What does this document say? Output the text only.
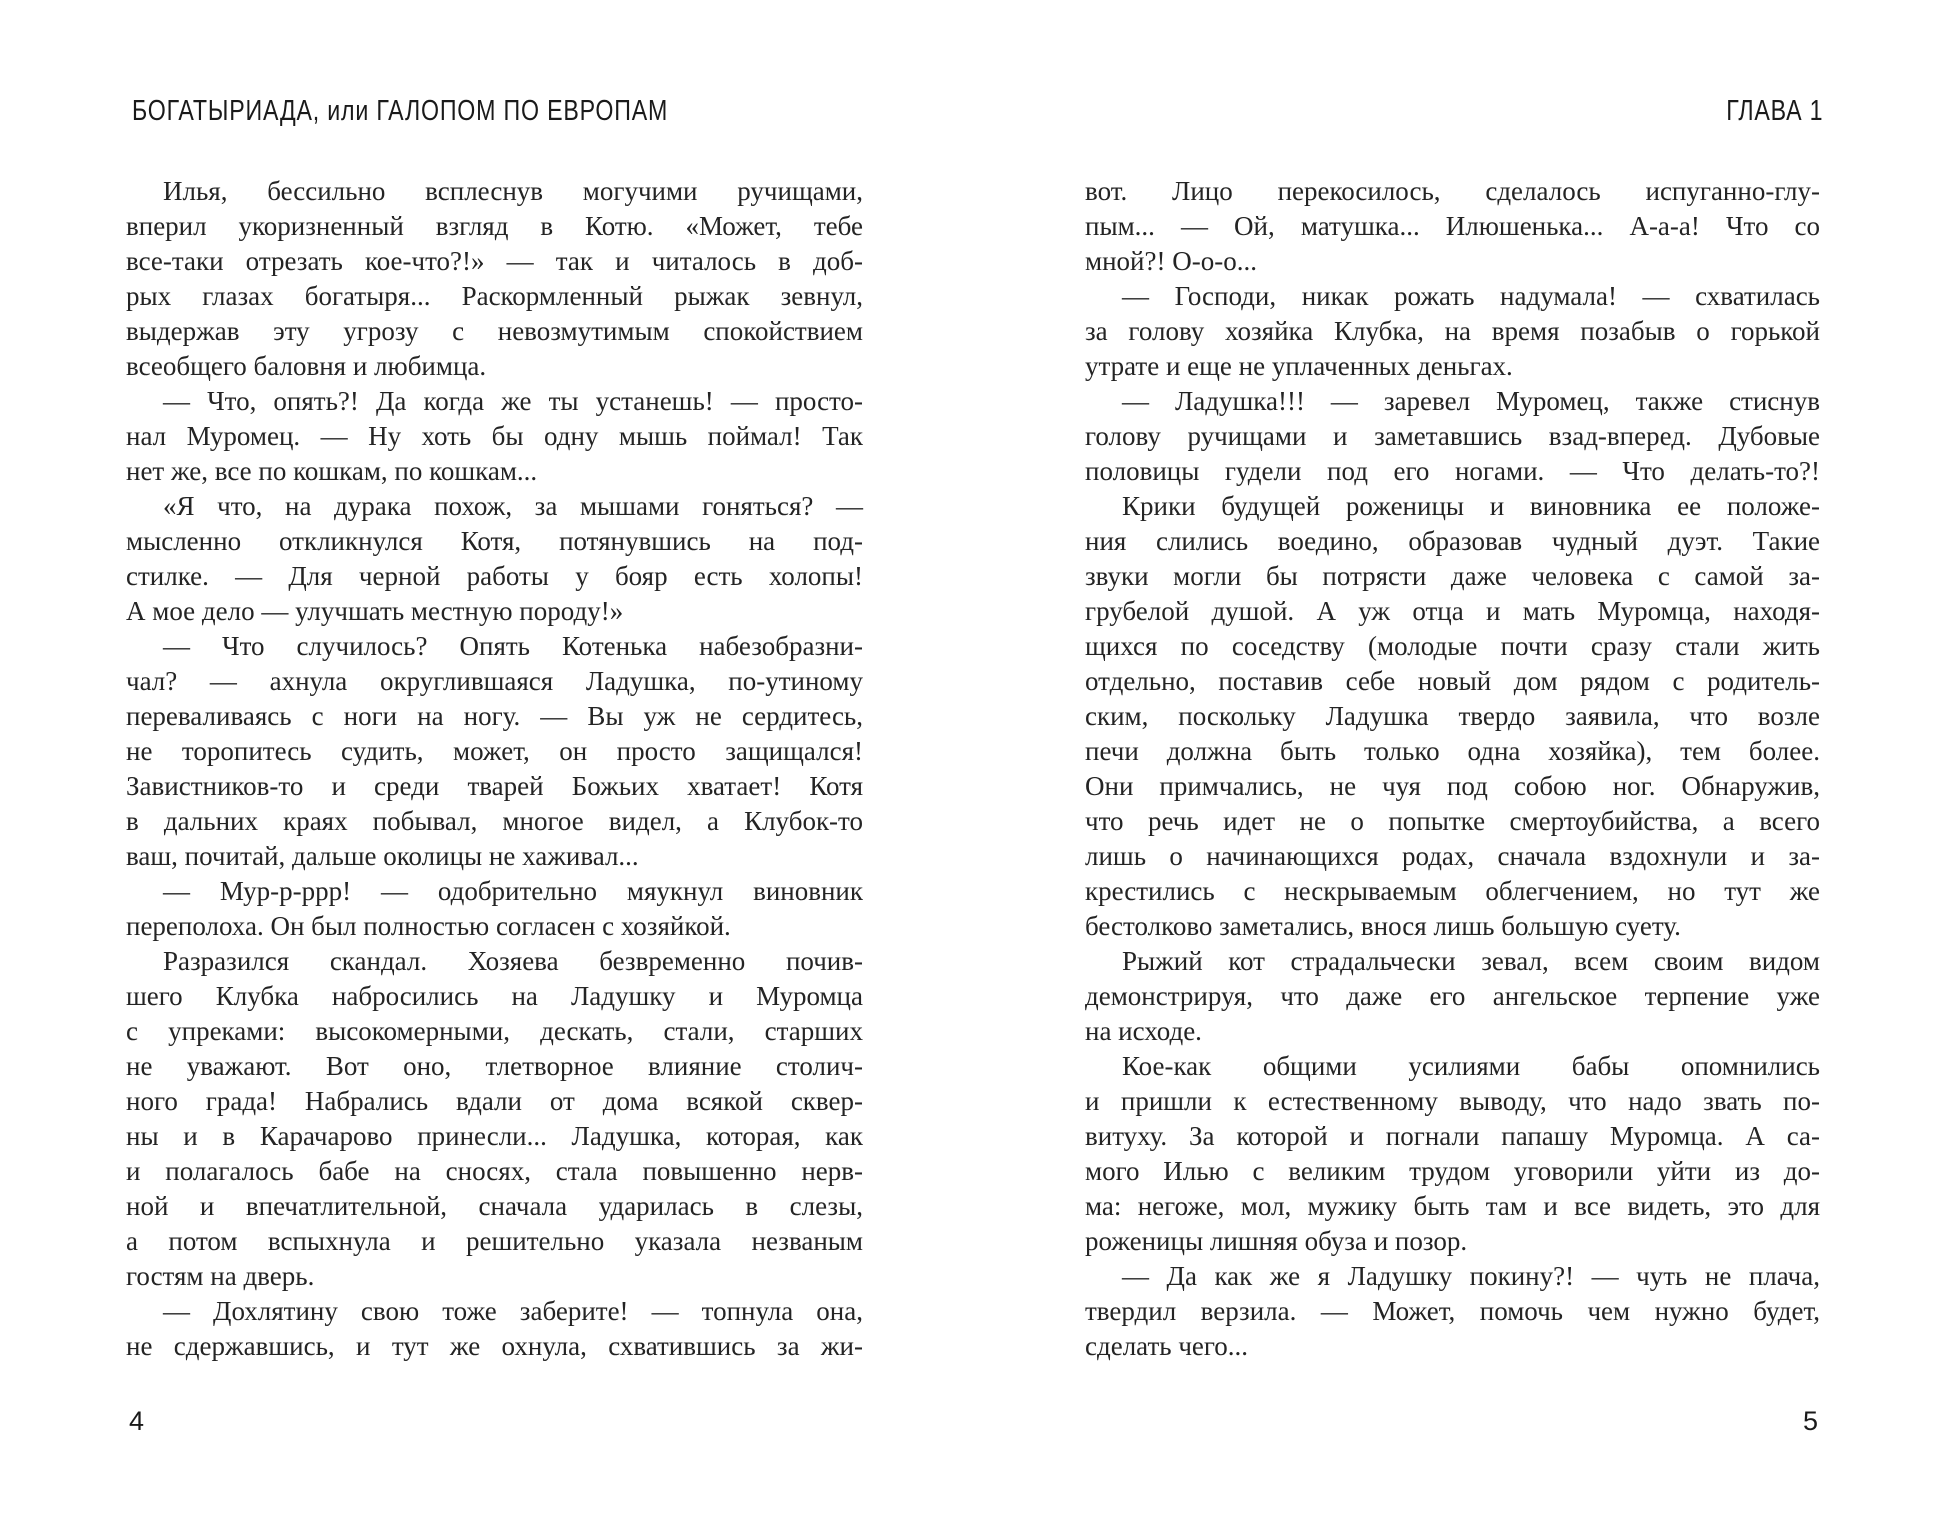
БОГАТЫРИАДА, или ГАЛОПОМ ПО ЕВРОПАМ	ГЛАВА 1
Илья, бессильно всплеснув могучими ручищами,
вперил укоризненный взгляд в Котю. «Может, тебе
все-таки отрезать кое-что?!» — так и читалось в доб-
рых глазах богатыря... Раскормленный рыжак зевнул,
выдержав эту угрозу с невозмутимым спокойствием
всеобщего баловня и любимца.
— Что, опять?! Да когда же ты устанешь! — просто-
нал Муромец. — Ну хоть бы одну мышь поймал! Так
нет же, все по кошкам, по кошкам...
«Я что, на дурака похож, за мышами гоняться? —
мысленно откликнулся Котя, потянувшись на под-
стилке. — Для черной работы у бояр есть холопы!
А мое дело — улучшать местную породу!»
— Что случилось? Опять Котенька набезобразни-
чал? — ахнула округлившаяся Ладушка, по-утиному
переваливаясь с ноги на ногу. — Вы уж не сердитесь,
не торопитесь судить, может, он просто защищался!
Завистников-то и среди тварей Божьих хватает! Котя
в дальних краях побывал, многое видел, а Клубок-то
ваш, почитай, дальше околицы не хаживал...
— Мур-р-ррр! — одобрительно мяукнул виновник
переполоха. Он был полностью согласен с хозяйкой.
Разразился скандал. Хозяева безвременно почив-
шего Клубка набросились на Ладушку и Муромца
с упреками: высокомерными, дескать, стали, старших
не уважают. Вот оно, тлетворное влияние столич-
ного града! Набрались вдали от дома всякой сквер-
ны и в Карачарово принесли... Ладушка, которая, как
и полагалось бабе на сносях, стала повышенно нерв-
ной и впечатлительной, сначала ударилась в слезы,
а потом вспыхнула и решительно указала незваным
гостям на дверь.
— Дохлятину свою тоже заберите! — топнула она,
не сдержавшись, и тут же охнула, схватившись за жи-
вот. Лицо перекосилось, сделалось испуганно-глу-
пым... — Ой, матушка... Илюшенька... А-а-а! Что со
мной?! О-о-о...
— Господи, никак рожать надумала! — схватилась
за голову хозяйка Клубка, на время позабыв о горькой
утрате и еще не уплаченных деньгах.
— Ладушка!!! — заревел Муромец, также стиснув
голову ручищами и заметавшись взад-вперед. Дубовые
половицы гудели под его ногами. — Что делать-то?!
Крики будущей роженицы и виновника ее положе-
ния слились воедино, образовав чудный дуэт. Такие
звуки могли бы потрясти даже человека с самой за-
грубелой душой. А уж отца и мать Муромца, находя-
щихся по соседству (молодые почти сразу стали жить
отдельно, поставив себе новый дом рядом с родитель-
ским, поскольку Ладушка твердо заявила, что возле
печи должна быть только одна хозяйка), тем более.
Они примчались, не чуя под собою ног. Обнаружив,
что речь идет не о попытке смертоубийства, а всего
лишь о начинающихся родах, сначала вздохнули и за-
крестились с нескрываемым облегчением, но тут же
бестолково заметались, внося лишь большую суету.
Рыжий кот страдальчески зевал, всем своим видом
демонстрируя, что даже его ангельское терпение уже
на исходе.
Кое-как общими усилиями бабы опомнились
и пришли к естественному выводу, что надо звать по-
витуху. За которой и погнали папашу Муромца. А са-
мого Илью с великим трудом уговорили уйти из до-
ма: негоже, мол, мужику быть там и все видеть, это для
роженицы лишняя обуза и позор.
— Да как же я Ладушку покину?! — чуть не плача,
твердил верзила. — Может, помочь чем нужно будет,
сделать чего...
4	5
